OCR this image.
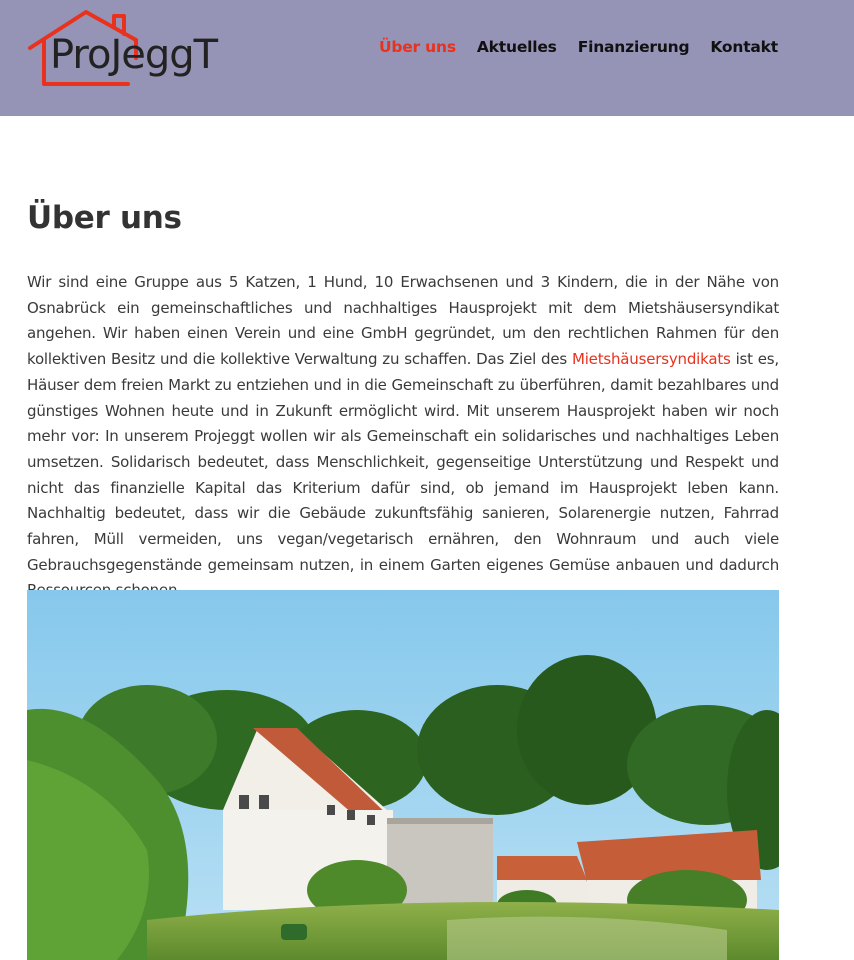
ProJeggT	Über uns Aktuelles Finanzierung Kontakt
Über uns

Wir sind eine Gruppe aus 5 Katzen, 1 Hund, 10 Erwachsenen und 3 Kindern, die in der Nähe von Osnabrück ein gemeinschaftliches und nachhaltiges Hausprojekt mit dem Mietshäusersyndikat angehen. Wir haben einen Verein und eine GmbH gegründet, um den rechtlichen Rahmen für den kollektiven Besitz und die kollektive Verwaltung zu schaffen. Das Ziel des Mietshäusersyndikats ist es, Häuser dem freien Markt zu entziehen und in die Gemeinschaft zu überführen, damit bezahlbares und günstiges Wohnen heute und in Zukunft ermöglicht wird. Mit unserem Hausprojekt haben wir noch mehr vor: In unserem Projeggt wollen wir als Gemeinschaft ein solidarisches und nachhaltiges Leben umsetzen. Solidarisch bedeutet, dass Menschlichkeit, gegenseitige Unterstützung und Respekt und nicht das finanzielle Kapital das Kriterium dafür sind, ob jemand im Hausprojekt leben kann. Nachhaltig bedeutet, dass wir die Gebäude zukunftsfähig sanieren, Solarenergie nutzen, Fahrrad fahren, Müll vermeiden, uns vegan/vegetarisch ernähren, den Wohnraum und auch viele Gebrauchsgegenstände gemeinsam nutzen, in einem Garten eigenes Gemüse anbauen und dadurch
